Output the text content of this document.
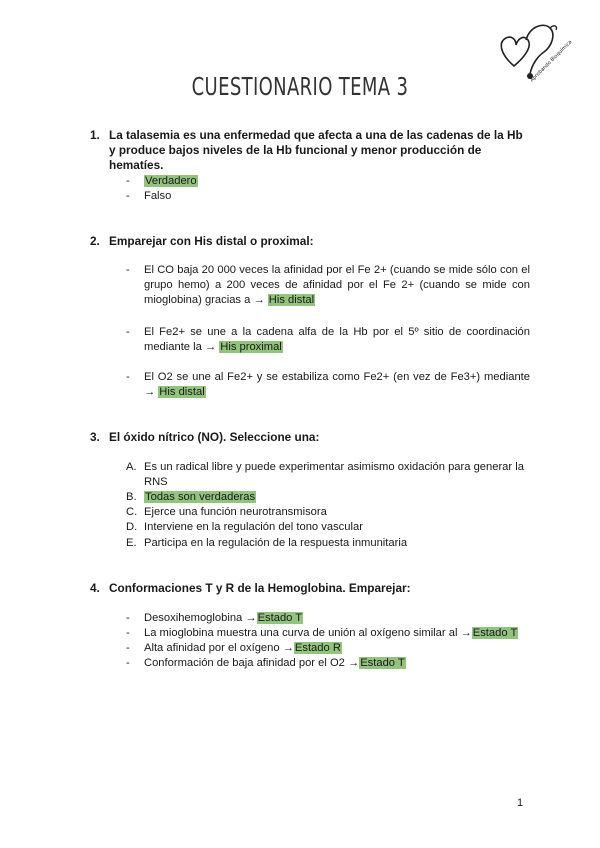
Aprobando Bioquímica
CUESTIONARIO TEMA 3
1. La talasemia es una enfermedad que afecta a una de las cadenas de la Hb y produce bajos niveles de la Hb funcional y menor producción de hematíes.
- Verdadero
- Falso
2. Emparejar con His distal o proximal:
- El CO baja 20 000 veces la afinidad por el Fe 2+ (cuando se mide sólo con el grupo hemo) a 200 veces de afinidad por el Fe 2+ (cuando se mide con mioglobina) gracias a → His distal
- El Fe2+ se une a la cadena alfa de la Hb por el 5º sitio de coordinación mediante la → His proximal
- El O2 se une al Fe2+ y se estabiliza como Fe2+ (en vez de Fe3+) mediante → His distal
3. El óxido nítrico (NO). Seleccione una:
A. Es un radical libre y puede experimentar asimismo oxidación para generar la RNS
B. Todas son verdaderas
C. Ejerce una función neurotransmisora
D. Interviene en la regulación del tono vascular
E. Participa en la regulación de la respuesta inmunitaria
4. Conformaciones T y R de la Hemoglobina. Emparejar:
- Desoxihemoglobina →Estado T
- La mioglobina muestra una curva de unión al oxígeno similar al →Estado T
- Alta afinidad por el oxígeno →Estado R
- Conformación de baja afinidad por el O2 →Estado T
1
